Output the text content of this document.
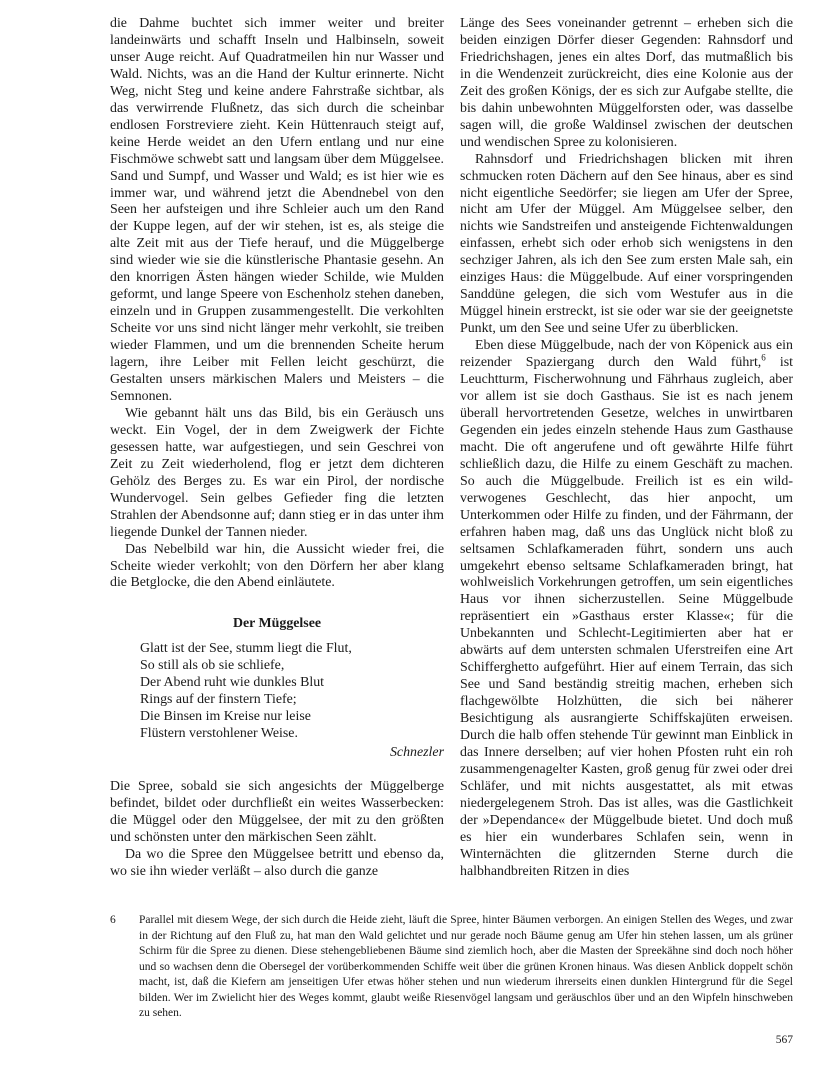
die Dahme buchtet sich immer weiter und breiter landeinwärts und schafft Inseln und Halbinseln, soweit unser Auge reicht. Auf Quadratmeilen hin nur Wasser und Wald. Nichts, was an die Hand der Kultur erinnerte. Nicht Weg, nicht Steg und keine andere Fahrstraße sichtbar, als das verwirrende Flußnetz, das sich durch die scheinbar endlosen Forstreviere zieht. Kein Hüttenrauch steigt auf, keine Herde weidet an den Ufern entlang und nur eine Fischmöwe schwebt satt und langsam über dem Müggelsee. Sand und Sumpf, und Wasser und Wald; es ist hier wie es immer war, und während jetzt die Abendnebel von den Seen her aufsteigen und ihre Schleier auch um den Rand der Kuppe legen, auf der wir stehen, ist es, als steige die alte Zeit mit aus der Tiefe herauf, und die Müggelberge sind wieder wie sie die künstlerische Phantasie gesehn. An den knorrigen Ästen hängen wieder Schilde, wie Mulden geformt, und lange Speere von Eschenholz stehen daneben, einzeln und in Gruppen zusammengestellt. Die verkohlten Scheite vor uns sind nicht länger mehr verkohlt, sie treiben wieder Flammen, und um die brennenden Scheite herum lagern, ihre Leiber mit Fellen leicht geschürzt, die Gestalten unsers märkischen Malers und Meisters – die Semnonen.

Wie gebannt hält uns das Bild, bis ein Geräusch uns weckt. Ein Vogel, der in dem Zweigwerk der Fichte gesessen hatte, war aufgestiegen, und sein Geschrei von Zeit zu Zeit wiederholend, flog er jetzt dem dichteren Gehölz des Berges zu. Es war ein Pirol, der nordische Wundervogel. Sein gelbes Gefieder fing die letzten Strahlen der Abendsonne auf; dann stieg er in das unter ihm liegende Dunkel der Tannen nieder.

Das Nebelbild war hin, die Aussicht wieder frei, die Scheite wieder verkohlt; von den Dörfern her aber klang die Betglocke, die den Abend einläutete.

Der Müggelsee
Glatt ist der See, stumm liegt die Flut,
So still als ob sie schliefe,
Der Abend ruht wie dunkles Blut
Rings auf der finstern Tiefe;
Die Binsen im Kreise nur leise
Flüstern verstohlener Weise.
Schnezler

Die Spree, sobald sie sich angesichts der Müggelberge befindet, bildet oder durchfließt ein weites Wasserbecken: die Müggel oder den Müggelsee, der mit zu den größten und schönsten unter den märkischen Seen zählt.

Da wo die Spree den Müggelsee betritt und ebenso da, wo sie ihn wieder verläßt – also durch die ganze

Länge des Sees voneinander getrennt – erheben sich die beiden einzigen Dörfer dieser Gegenden: Rahnsdorf und Friedrichshagen, jenes ein altes Dorf, das mutmaßlich bis in die Wendenzeit zurückreicht, dies eine Kolonie aus der Zeit des großen Königs, der es sich zur Aufgabe stellte, die bis dahin unbewohnten Müggelforsten oder, was dasselbe sagen will, die große Waldinsel zwischen der deutschen und wendischen Spree zu kolonisieren.

Rahnsdorf und Friedrichshagen blicken mit ihren schmucken roten Dächern auf den See hinaus, aber es sind nicht eigentliche Seedörfer; sie liegen am Ufer der Spree, nicht am Ufer der Müggel. Am Müggelsee selber, den nichts wie Sandstreifen und ansteigende Fichtenwaldungen einfassen, erhebt sich oder erhob sich wenigstens in den sechziger Jahren, als ich den See zum ersten Male sah, ein einziges Haus: die Müggelbude. Auf einer vorspringenden Sanddüne gelegen, die sich vom Westufer aus in die Müggel hinein erstreckt, ist sie oder war sie der geeignetste Punkt, um den See und seine Ufer zu überblicken.

Eben diese Müggelbude, nach der von Köpenick aus ein reizender Spaziergang durch den Wald führt,$^6$ ist Leuchtturm, Fischerwohnung und Fährhaus zugleich, aber vor allem ist sie doch Gasthaus. Sie ist es nach jenem überall hervortretenden Gesetze, welches in unwirtbaren Gegenden ein jedes einzeln stehende Haus zum Gasthause macht. Die oft angerufene und oft gewährte Hilfe führt schließlich dazu, die Hilfe zu einem Geschäft zu machen. So auch die Müggelbude. Freilich ist es ein wild-verwogenes Geschlecht, das hier anpocht, um Unterkommen oder Hilfe zu finden, und der Fährmann, der erfahren haben mag, daß uns das Unglück nicht bloß zu seltsamen Schlafkameraden führt, sondern uns auch umgekehrt ebenso seltsame Schlafkameraden bringt, hat wohlweislich Vorkehrungen getroffen, um sein eigentliches Haus vor ihnen sicherzustellen. Seine Müggelbude repräsentiert ein »Gasthaus erster Klasse«; für die Unbekannten und Schlecht-Legitimierten aber hat er abwärts auf dem untersten schmalen Uferstreifen eine Art Schifferghetto aufgeführt. Hier auf einem Terrain, das sich See und Sand beständig streitig machen, erheben sich flachgewölbte Holzhütten, die sich bei näherer Besichtigung als ausrangierte Schiffskajüten erweisen. Durch die halb offen stehende Tür gewinnt man Einblick in das Innere derselben; auf vier hohen Pfosten ruht ein roh zusammengenagelter Kasten, groß genug für zwei oder drei Schläfer, und mit nichts ausgestattet, als mit etwas niedergelegenem Stroh. Das ist alles, was die Gastlichkeit der »Dependance« der Müggelbude bietet. Und doch muß es hier ein wunderbares Schlafen sein, wenn in Winternächten die glitzernden Sterne durch die halbhandbreiten Ritzen in dies

6	Parallel mit diesem Wege, der sich durch die Heide zieht, läuft die Spree, hinter Bäumen verborgen. An einigen Stellen des Weges, und zwar in der Richtung auf den Fluß zu, hat man den Wald gelichtet und nur gerade noch Bäume genug am Ufer hin stehen lassen, um als grüner Schirm für die Spree zu dienen. Diese stehengebliebenen Bäume sind ziemlich hoch, aber die Masten der Spreekähne sind doch noch höher und so wachsen denn die Obersegel der vorüberkommenden Schiffe weit über die grünen Kronen hinaus. Was diesen Anblick doppelt schön macht, ist, daß die Kiefern am jenseitigen Ufer etwas höher stehen und nun wiederum ihrerseits einen dunklen Hintergrund für die Segel bilden. Wer im Zwielicht hier des Weges kommt, glaubt weiße Riesenvögel langsam und geräuschlos über und an den Wipfeln hinschweben zu sehen.
567
